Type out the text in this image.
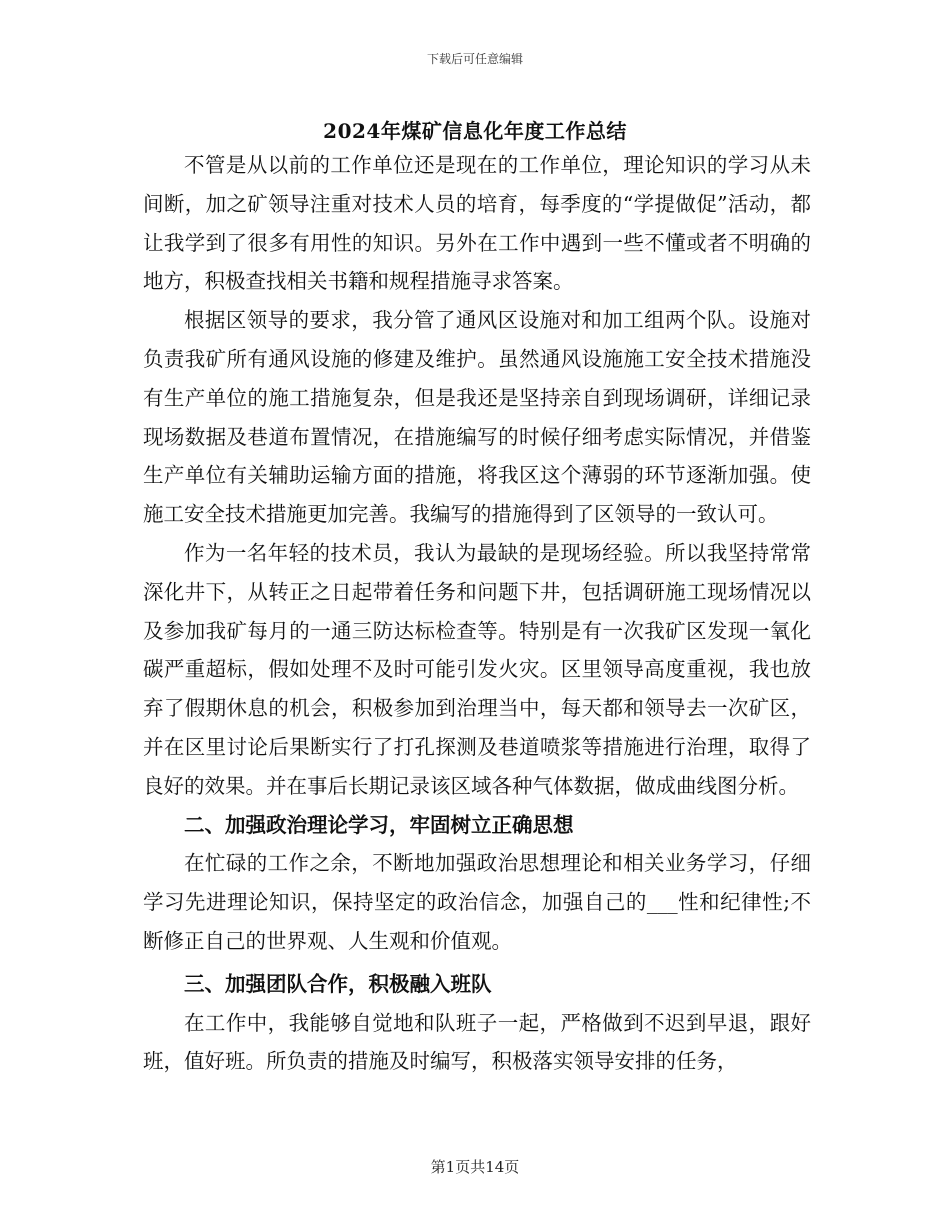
下载后可任意编辑
2024年煤矿信息化年度工作总结

不管是从以前的工作单位还是现在的工作单位，理论知识的学习从未间断，加之矿领导注重对技术人员的培育，每季度的“学提做促”活动，都让我学到了很多有用性的知识。另外在工作中遇到一些不懂或者不明确的地方，积极查找相关书籍和规程措施寻求答案。

根据区领导的要求，我分管了通风区设施对和加工组两个队。设施对负责我矿所有通风设施的修建及维护。虽然通风设施施工安全技术措施没有生产单位的施工措施复杂，但是我还是坚持亲自到现场调研，详细记录现场数据及巷道布置情况，在措施编写的时候仔细考虑实际情况，并借鉴生产单位有关辅助运输方面的措施，将我区这个薄弱的环节逐渐加强。使施工安全技术措施更加完善。我编写的措施得到了区领导的一致认可。

作为一名年轻的技术员，我认为最缺的是现场经验。所以我坚持常常深化井下，从转正之日起带着任务和问题下井，包括调研施工现场情况以及参加我矿每月的一通三防达标检查等。特别是有一次我矿区发现一氧化碳严重超标，假如处理不及时可能引发火灾。区里领导高度重视，我也放弃了假期休息的机会，积极参加到治理当中，每天都和领导去一次矿区，并在区里讨论后果断实行了打孔探测及巷道喷浆等措施进行治理，取得了良好的效果。并在事后长期记录该区域各种气体数据，做成曲线图分析。

二、加强政治理论学习，牢固树立正确思想

在忙碌的工作之余，不断地加强政治思想理论和相关业务学习，仔细学习先进理论知识，保持坚定的政治信念，加强自己的___性和纪律性;不断修正自己的世界观、人生观和价值观。

三、加强团队合作，积极融入班队

在工作中，我能够自觉地和队班子一起，严格做到不迟到早退，跟好班，值好班。所负责的措施及时编写，积极落实领导安排的任务，

第1页共14页
